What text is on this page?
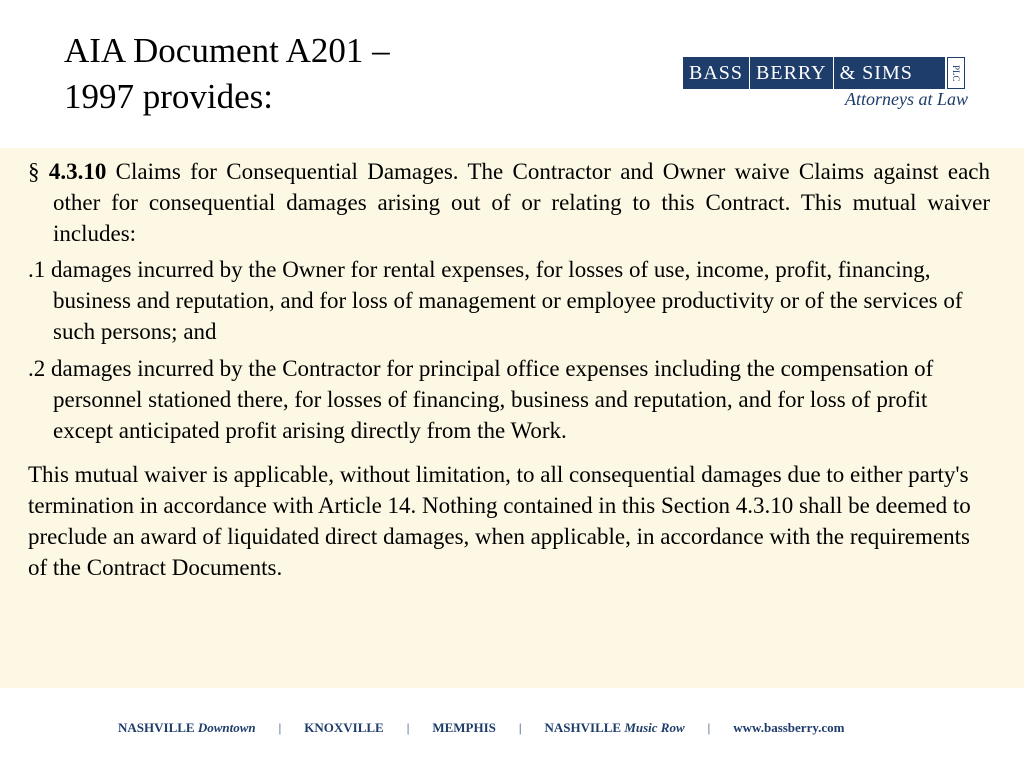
AIA Document A201 –
1997 provides:
BASS BERRY & SIMS	PLC
Attorneys at Law

§ 4.3.10 Claims for Consequential Damages. The Contractor and Owner waive Claims against each other for consequential damages arising out of or relating to this Contract. This mutual waiver includes:

.1 damages incurred by the Owner for rental expenses, for losses of use, income, profit, financing, business and reputation, and for loss of management or employee productivity or of the services of such persons; and

.2 damages incurred by the Contractor for principal office expenses including the compensation of personnel stationed there, for losses of financing, business and reputation, and for loss of profit except anticipated profit arising directly from the Work.

This mutual waiver is applicable, without limitation, to all consequential damages due to either party's termination in accordance with Article 14. Nothing contained in this Section 4.3.10 shall be deemed to preclude an award of liquidated direct damages, when applicable, in accordance with the requirements of the Contract Documents.

NASHVILLE Downtown | KNOXVILLE | MEMPHIS | NASHVILLE Music Row | www.bassberry.com
